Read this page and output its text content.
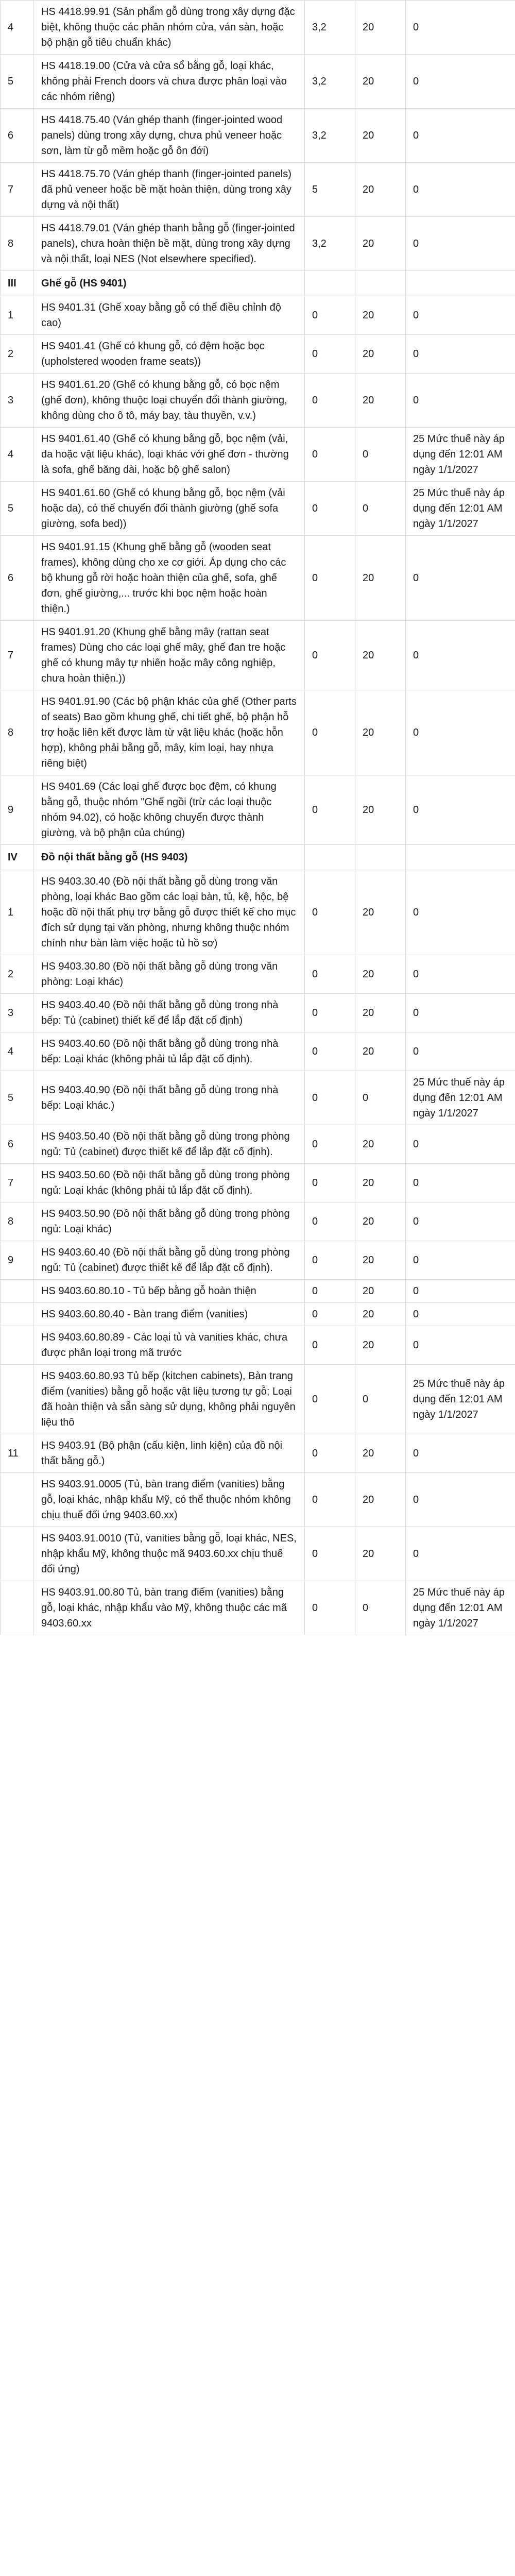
4	HS 4418.99.91 (Sản phẩm gỗ dùng trong xây dựng đặc biệt, không thuộc các phân nhóm cửa, ván sàn, hoặc bộ phận gỗ tiêu chuẩn khác)	3,2	20	0
5	HS 4418.19.00 (Cửa và cửa sổ bằng gỗ, loại khác, không phải French doors và chưa được phân loại vào các nhóm riêng)	3,2	20	0
6	HS 4418.75.40 (Ván ghép thanh (finger-jointed wood panels) dùng trong xây dựng, chưa phủ veneer hoặc sơn, làm từ gỗ mềm hoặc gỗ ôn đới)	3,2	20	0
7	HS 4418.75.70 (Ván ghép thanh (finger-jointed panels) đã phủ veneer hoặc bề mặt hoàn thiện, dùng trong xây dựng và nội thất)	5	20	0
8	HS 4418.79.01 (Ván ghép thanh bằng gỗ (finger-jointed panels), chưa hoàn thiện bề mặt, dùng trong xây dựng và nội thất, loại NES (Not elsewhere specified).	3,2	20	0
III	Ghế gỗ (HS 9401)			
1	HS 9401.31 (Ghế xoay bằng gỗ có thể điều chỉnh độ cao)	0	20	0
2	HS 9401.41 (Ghế có khung gỗ, có đệm hoặc bọc (upholstered wooden frame seats))	0	20	0
3	HS 9401.61.20 (Ghế có khung bằng gỗ, có bọc nệm (ghế đơn), không thuộc loại chuyển đổi thành giường, không dùng cho ô tô, máy bay, tàu thuyền, v.v.)	0	20	0
4	HS 9401.61.40 (Ghế có khung bằng gỗ, bọc nệm (vải, da hoặc vật liệu khác), loại khác với ghế đơn - thường là sofa, ghế băng dài, hoặc bộ ghế salon)	0	0	25 Mức thuế này áp dụng đến 12:01 AM ngày 1/1/2027
5	HS 9401.61.60 (Ghế có khung bằng gỗ, bọc nệm (vải hoặc da), có thể chuyển đổi thành giường (ghế sofa giường, sofa bed))	0	0	25 Mức thuế này áp dụng đến 12:01 AM ngày 1/1/2027
6	HS 9401.91.15 (Khung ghế bằng gỗ (wooden seat frames), không dùng cho xe cơ giới. Áp dụng cho các bộ khung gỗ rời hoặc hoàn thiện của ghế, sofa, ghế đơn, ghế giường,... trước khi bọc nệm hoặc hoàn thiện.)	0	20	0
7	HS 9401.91.20 (Khung ghế bằng mây (rattan seat frames) Dùng cho các loại ghế mây, ghế đan tre hoặc ghế có khung mây tự nhiên hoặc mây công nghiệp, chưa hoàn thiện.))	0	20	0
8	HS 9401.91.90 (Các bộ phận khác của ghế (Other parts of seats) Bao gồm khung ghế, chi tiết ghế, bộ phận hỗ trợ hoặc liên kết được làm từ vật liệu khác (hoặc hỗn hợp), không phải bằng gỗ, mây, kim loại, hay nhựa riêng biệt)	0	20	0
9	HS 9401.69 (Các loại ghế được bọc đệm, có khung bằng gỗ, thuộc nhóm "Ghế ngồi (trừ các loại thuộc nhóm 94.02), có hoặc không chuyển được thành giường, và bộ phận của chúng)	0	20	0
IV	Đồ nội thất bằng gỗ (HS 9403)			
1	HS 9403.30.40 (Đồ nội thất bằng gỗ dùng trong văn phòng, loại khác Bao gồm các loại bàn, tủ, kệ, hộc, bệ hoặc đồ nội thất phụ trợ bằng gỗ được thiết kế cho mục đích sử dụng tại văn phòng, nhưng không thuộc nhóm chính như bàn làm việc hoặc tủ hồ sơ)	0	20	0
2	HS 9403.30.80 (Đồ nội thất bằng gỗ dùng trong văn phòng: Loại khác)	0	20	0
3	HS 9403.40.40 (Đồ nội thất bằng gỗ dùng trong nhà bếp: Tủ (cabinet) thiết kế để lắp đặt cố định)	0	20	0
4	HS 9403.40.60 (Đồ nội thất bằng gỗ dùng trong nhà bếp: Loại khác (không phải tủ lắp đặt cố định).	0	20	0
5	HS 9403.40.90 (Đồ nội thất bằng gỗ dùng trong nhà bếp: Loại khác.)	0	0	25 Mức thuế này áp dụng đến 12:01 AM ngày 1/1/2027
6	HS 9403.50.40 (Đồ nội thất bằng gỗ dùng trong phòng ngủ: Tủ (cabinet) được thiết kế để lắp đặt cố định).	0	20	0
7	HS 9403.50.60 (Đồ nội thất bằng gỗ dùng trong phòng ngủ: Loại khác (không phải tủ lắp đặt cố định).	0	20	0
8	HS 9403.50.90 (Đồ nội thất bằng gỗ dùng trong phòng ngủ: Loại khác)	0	20	0
9	HS 9403.60.40 (Đồ nội thất bằng gỗ dùng trong phòng ngủ: Tủ (cabinet) được thiết kế để lắp đặt cố định).	0	20	0
	HS 9403.60.80.10 - Tủ bếp bằng gỗ hoàn thiện	0	20	0
	HS 9403.60.80.40 - Bàn trang điểm (vanities)	0	20	0
	HS 9403.60.80.89 - Các loại tủ và vanities khác, chưa được phân loại trong mã trước	0	20	0
	HS 9403.60.80.93 Tủ bếp (kitchen cabinets), Bàn trang điểm (vanities) bằng gỗ hoặc vật liệu tương tự gỗ; Loại đã hoàn thiện và sẵn sàng sử dụng, không phải nguyên liệu thô	0	0	25 Mức thuế này áp dụng đến 12:01 AM ngày 1/1/2027
11	HS 9403.91 (Bộ phận (cấu kiện, linh kiện) của đồ nội thất bằng gỗ.)	0	20	0
	HS 9403.91.0005 (Tủ, bàn trang điểm (vanities) bằng gỗ, loại khác, nhập khẩu Mỹ, có thể thuộc nhóm không chịu thuế đối ứng 9403.60.xx)	0	20	0
	HS 9403.91.0010 (Tủ, vanities bằng gỗ, loại khác, NES, nhập khẩu Mỹ, không thuộc mã 9403.60.xx chịu thuế đối ứng)	0	20	0
	HS 9403.91.00.80 Tủ, bàn trang điểm (vanities) bằng gỗ, loại khác, nhập khẩu vào Mỹ, không thuộc các mã 9403.60.xx	0	0	25 Mức thuế này áp dụng đến 12:01 AM ngày 1/1/2027
